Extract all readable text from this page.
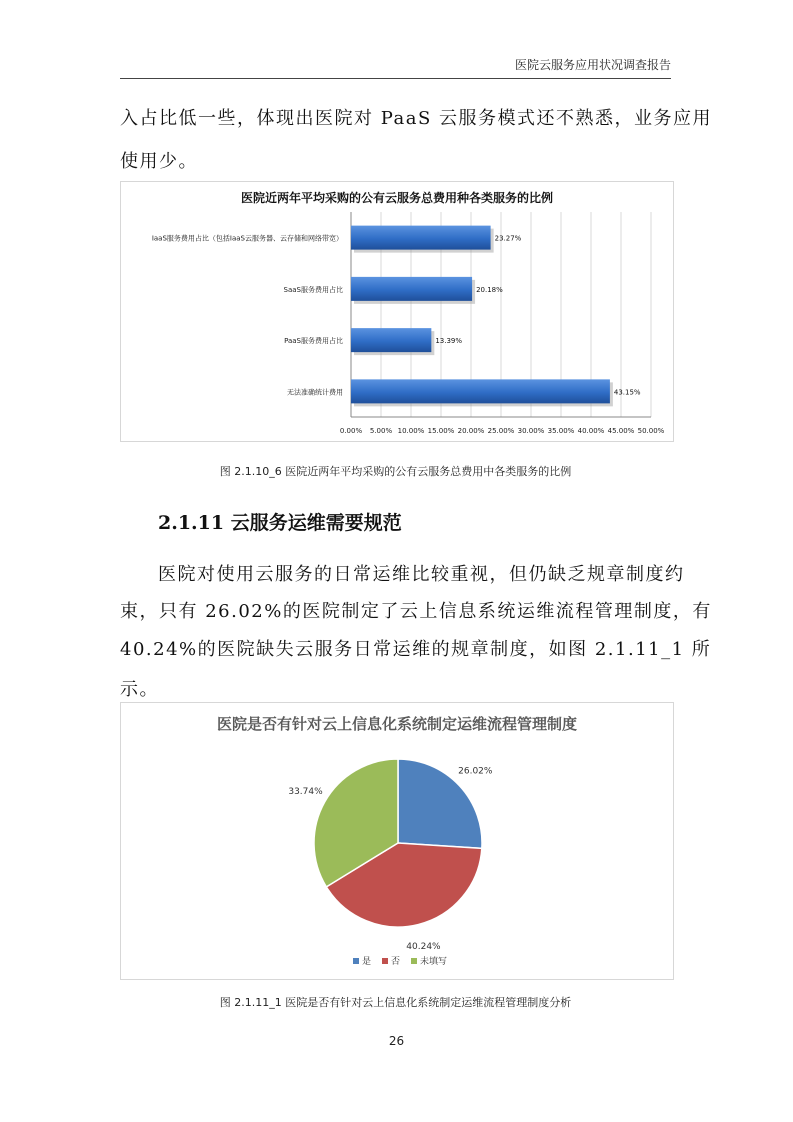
医院云服务应用状况调查报告
入占比低一些，体现出医院对 PaaS 云服务模式还不熟悉，业务应用
使用少。
医院近两年平均采购的公有云服务总费用种各类服务的比例
0.00% 5.00% 10.00% 15.00% 20.00% 25.00% 30.00% 35.00% 40.00% 45.00% 50.00%
23.27%
IaaS服务费用占比（包括IaaS云服务器、云存储和网络带宽）
20.18%
SaaS服务费用占比
13.39%
PaaS服务费用占比
43.15%
无法准确统计费用
图 2.1.10_6 医院近两年平均采购的公有云服务总费用中各类服务的比例
2.1.11 云服务运维需要规范
医院对使用云服务的日常运维比较重视，但仍缺乏规章制度约
束，只有 26.02%的医院制定了云上信息系统运维流程管理制度，有
40.24%的医院缺失云服务日常运维的规章制度，如图 2.1.11_1 所
示。
医院是否有针对云上信息化系统制定运维流程管理制度
26.02%
40.24%
33.74%
是 否 未填写
图 2.1.11_1 医院是否有针对云上信息化系统制定运维流程管理制度分析
26
